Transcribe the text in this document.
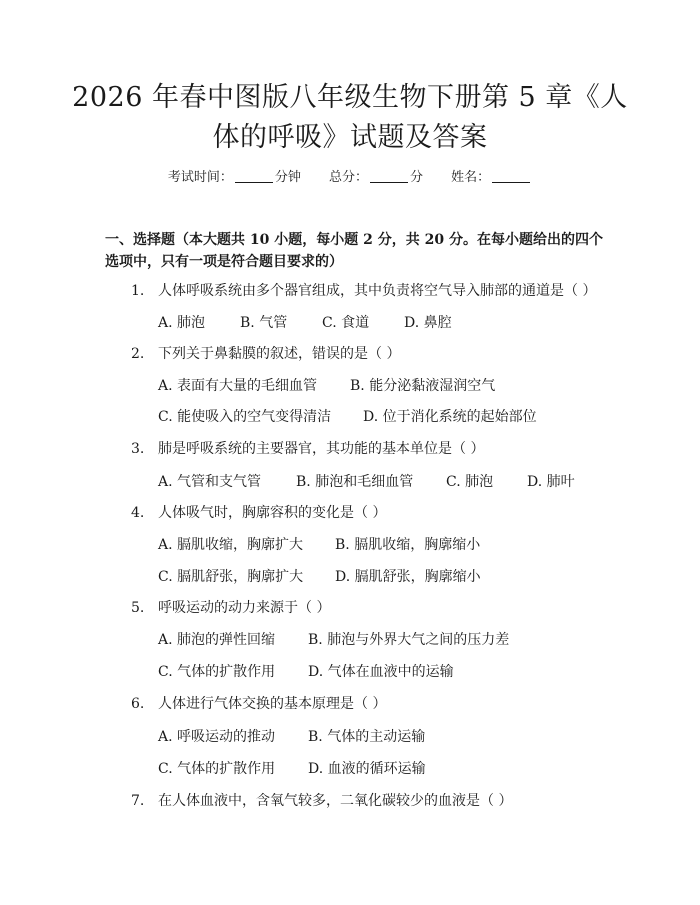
2026 年春中图版八年级生物下册第 5 章《人体的呼吸》试题及答案
考试时间：	分钟 总分：	分 姓名：
一、选择题（本大题共 10 小题，每小题 2 分，共 20 分。在每小题给出的四个选项中，只有一项是符合题目要求的）
1. 人体呼吸系统由多个器官组成，其中负责将空气导入肺部的通道是（ ）
A. 肺泡 B. 气管 C. 食道 D. 鼻腔
2. 下列关于鼻黏膜的叙述，错误的是（ ）
A. 表面有大量的毛细血管 B. 能分泌黏液湿润空气
C. 能使吸入的空气变得清洁 D. 位于消化系统的起始部位
3. 肺是呼吸系统的主要器官，其功能的基本单位是（ ）
A. 气管和支气管 B. 肺泡和毛细血管 C. 肺泡 D. 肺叶
4. 人体吸气时，胸廓容积的变化是（ ）
A. 膈肌收缩，胸廓扩大 B. 膈肌收缩，胸廓缩小
C. 膈肌舒张，胸廓扩大 D. 膈肌舒张，胸廓缩小
5. 呼吸运动的动力来源于（ ）
A. 肺泡的弹性回缩 B. 肺泡与外界大气之间的压力差
C. 气体的扩散作用 D. 气体在血液中的运输
6. 人体进行气体交换的基本原理是（ ）
A. 呼吸运动的推动 B. 气体的主动运输
C. 气体的扩散作用 D. 血液的循环运输
7. 在人体血液中，含氧气较多，二氧化碳较少的血液是（ ）
